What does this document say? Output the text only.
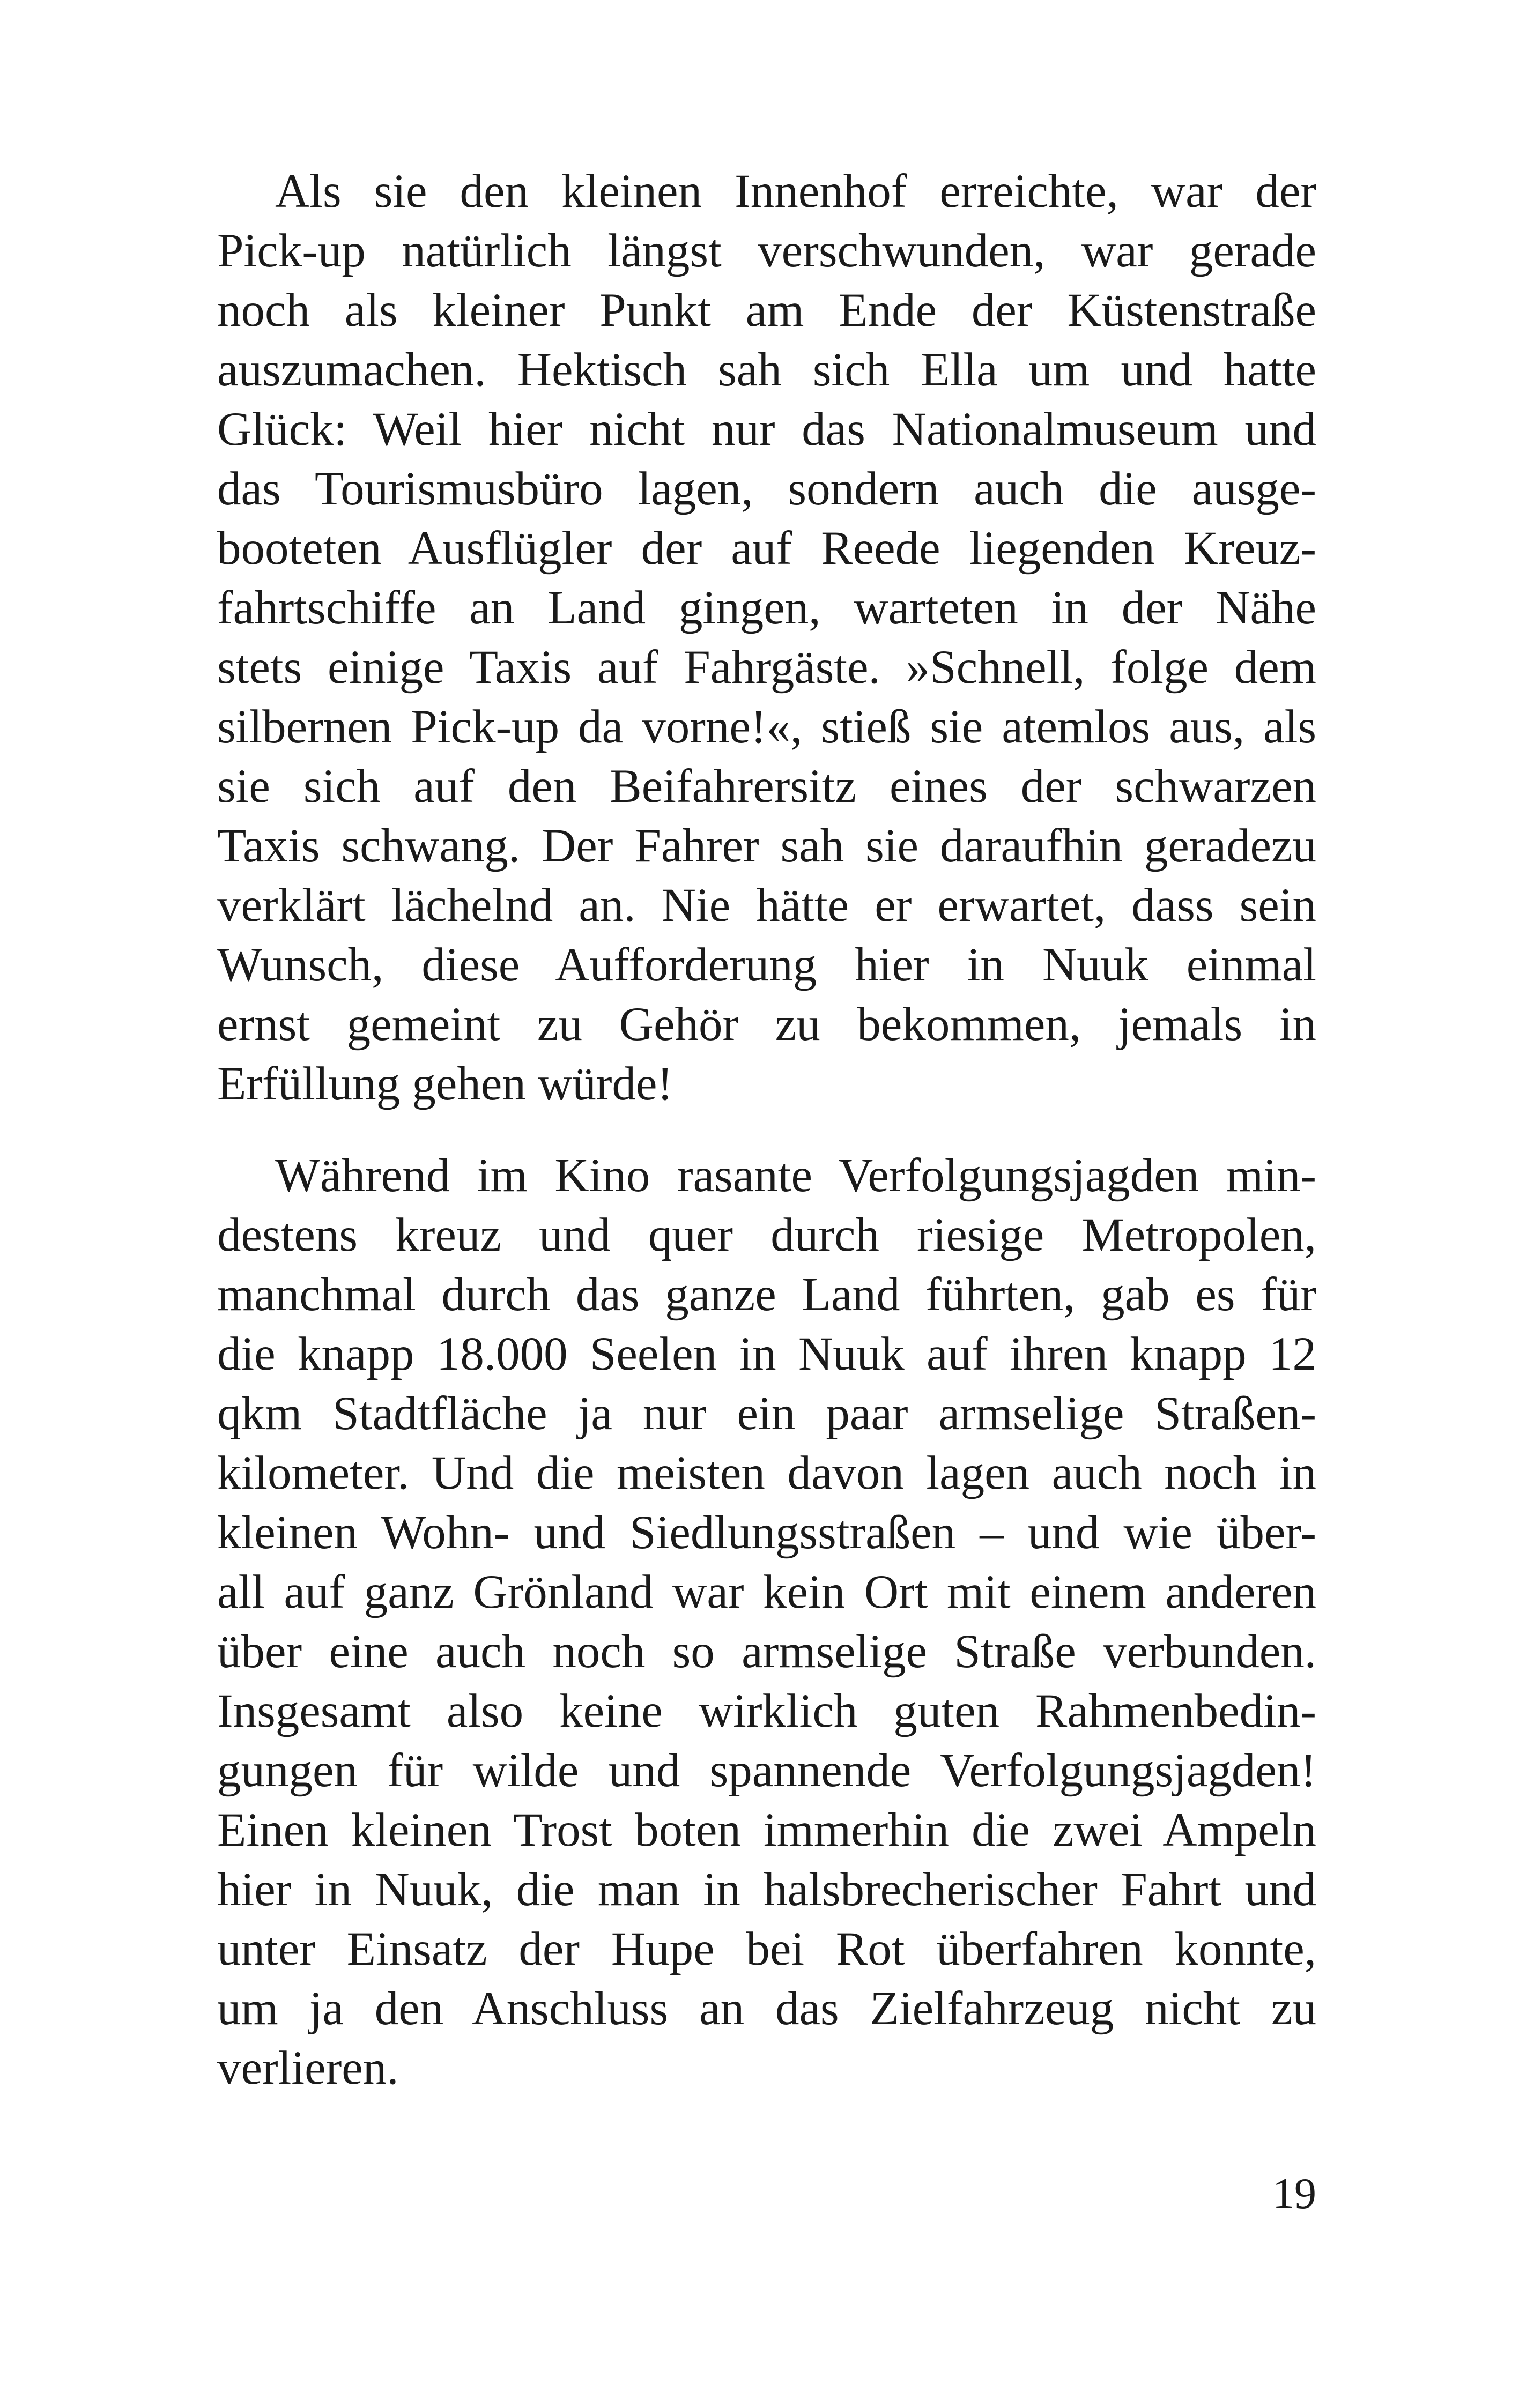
Als sie den kleinen Innenhof erreichte, war der
Pick-up natürlich längst verschwunden, war gerade
noch als kleiner Punkt am Ende der Küstenstraße
auszumachen. Hektisch sah sich Ella um und hatte
Glück: Weil hier nicht nur das Nationalmuseum und
das Tourismusbüro lagen, sondern auch die ausge-
booteten Ausflügler der auf Reede liegenden Kreuz-
fahrtschiffe an Land gingen, warteten in der Nähe
stets einige Taxis auf Fahrgäste. »Schnell, folge dem
silbernen Pick-up da vorne!«, stieß sie atemlos aus, als
sie sich auf den Beifahrersitz eines der schwarzen
Taxis schwang. Der Fahrer sah sie daraufhin geradezu
verklärt lächelnd an. Nie hätte er erwartet, dass sein
Wunsch, diese Aufforderung hier in Nuuk einmal
ernst gemeint zu Gehör zu bekommen, jemals in
Erfüllung gehen würde!
Während im Kino rasante Verfolgungsjagden min-
destens kreuz und quer durch riesige Metropolen,
manchmal durch das ganze Land führten, gab es für
die knapp 18.000 Seelen in Nuuk auf ihren knapp 12
qkm Stadtfläche ja nur ein paar armselige Straßen-
kilometer. Und die meisten davon lagen auch noch in
kleinen Wohn- und Siedlungsstraßen – und wie über-
all auf ganz Grönland war kein Ort mit einem anderen
über eine auch noch so armselige Straße verbunden.
Insgesamt also keine wirklich guten Rahmenbedin-
gungen für wilde und spannende Verfolgungsjagden!
Einen kleinen Trost boten immerhin die zwei Ampeln
hier in Nuuk, die man in halsbrecherischer Fahrt und
unter Einsatz der Hupe bei Rot überfahren konnte,
um ja den Anschluss an das Zielfahrzeug nicht zu
verlieren.
19
